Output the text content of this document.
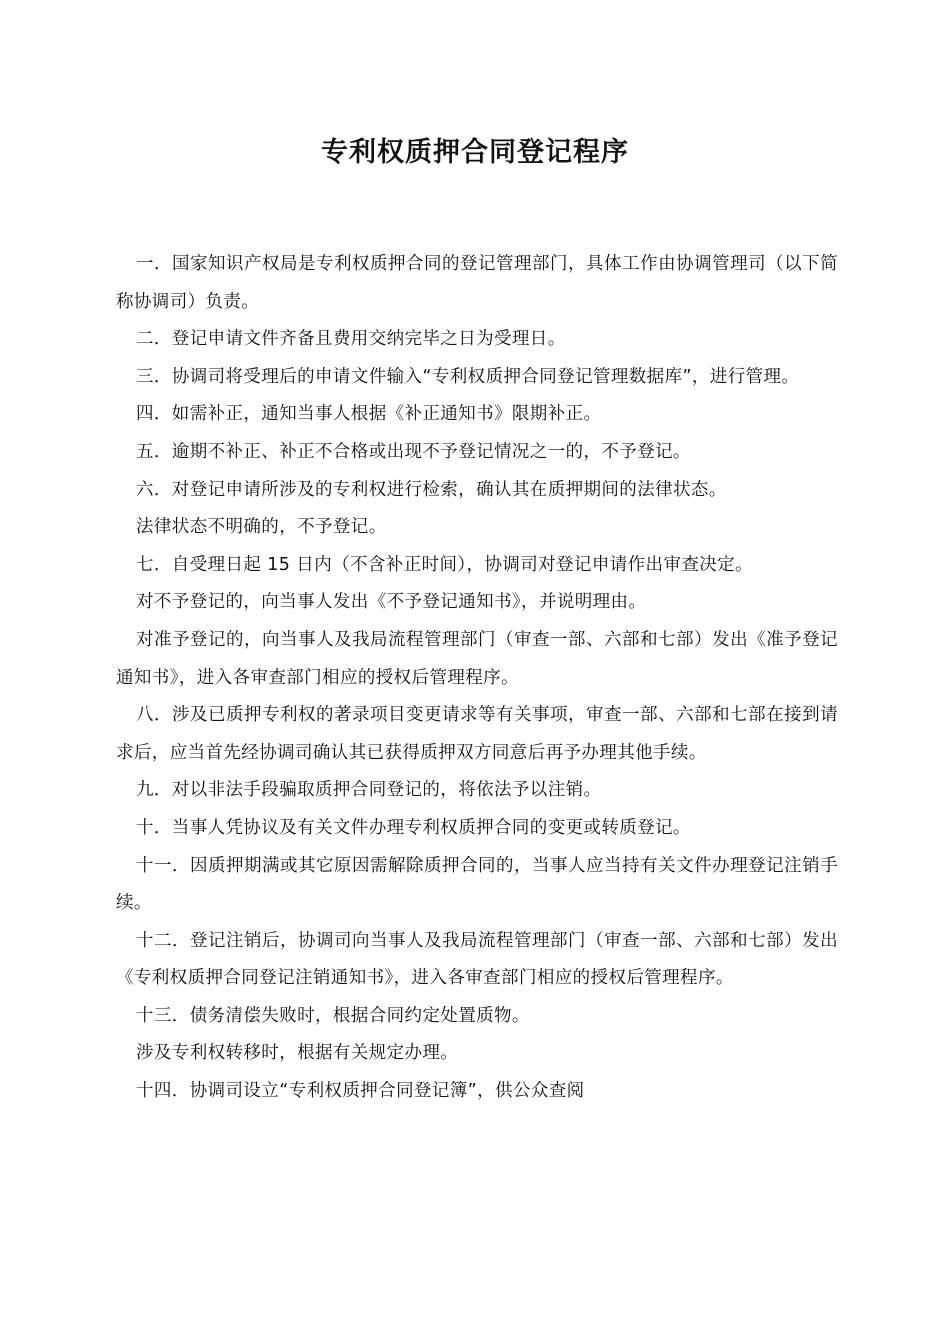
专利权质押合同登记程序

一．国家知识产权局是专利权质押合同的登记管理部门，具体工作由协调管理司（以下简称协调司）负责。

二．登记申请文件齐备且费用交纳完毕之日为受理日。

三．协调司将受理后的申请文件输入“专利权质押合同登记管理数据库”，进行管理。

四．如需补正，通知当事人根据《补正通知书》限期补正。

五．逾期不补正、补正不合格或出现不予登记情况之一的，不予登记。

六．对登记申请所涉及的专利权进行检索，确认其在质押期间的法律状态。

法律状态不明确的，不予登记。

七．自受理日起 15 日内（不含补正时间），协调司对登记申请作出审查决定。

对不予登记的，向当事人发出《不予登记通知书》，并说明理由。

对准予登记的，向当事人及我局流程管理部门（审查一部、六部和七部）发出《准予登记通知书》，进入各审查部门相应的授权后管理程序。

八．涉及已质押专利权的著录项目变更请求等有关事项，审查一部、六部和七部在接到请求后，应当首先经协调司确认其已获得质押双方同意后再予办理其他手续。

九．对以非法手段骗取质押合同登记的，将依法予以注销。

十．当事人凭协议及有关文件办理专利权质押合同的变更或转质登记。

十一．因质押期满或其它原因需解除质押合同的，当事人应当持有关文件办理登记注销手续。

十二．登记注销后，协调司向当事人及我局流程管理部门（审查一部、六部和七部）发出《专利权质押合同登记注销通知书》，进入各审查部门相应的授权后管理程序。

十三．债务清偿失败时，根据合同约定处置质物。

涉及专利权转移时，根据有关规定办理。

十四．协调司设立“专利权质押合同登记簿”，供公众查阅
